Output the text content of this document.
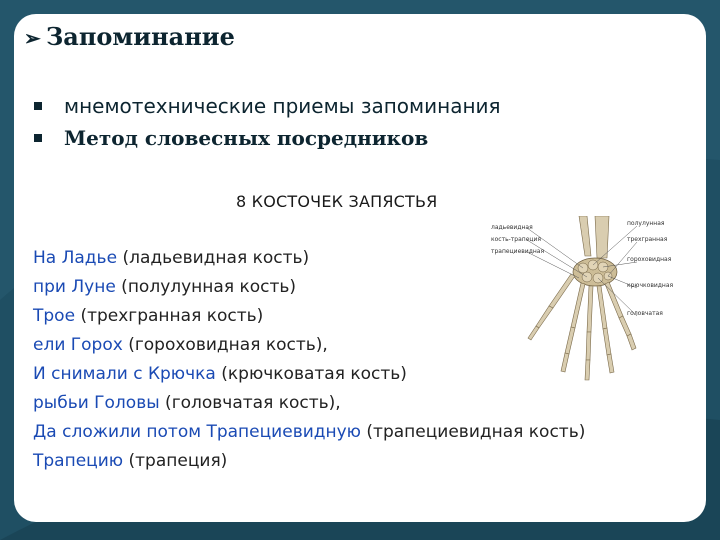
➢ Запоминание
мнемотехнические приемы запоминания
Метод словесных посредников
8 КОСТОЧЕК ЗАПЯСТЬЯ
ладьевидная
кость-трапеция
трапециевидная
полулунная
трехгранная
гороховидная
крючковидная
головчатая
На Ладье (ладьевидная кость)
при Луне (полулунная кость)
Трое (трехгранная кость)
ели Горох (гороховидная кость),
И снимали с Крючка (крючковатая кость)
рыбьи Головы (головчатая кость),
Да сложили потом Трапециевидную (трапециевидная кость)
Трапецию (трапеция)
